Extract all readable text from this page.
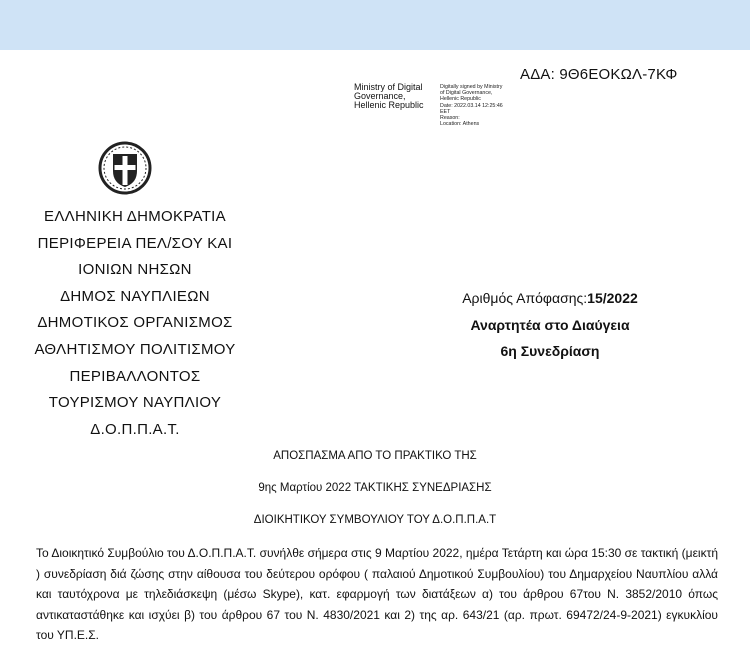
ΑΔΑ: 9Θ6ΕΟΚΩΛ-7ΚΦ
Ministry of Digital
Governance,
Hellenic Republic
Digitally signed by Ministry
of Digital Governance,
Hellenic Republic
Date: 2022.03.14 12:25:46
EET
Reason:
Location: Athens
ΕΛΛΗΝΙΚΗ ΔΗΜΟΚΡΑΤΙΑ
ΠΕΡΙΦΕΡΕΙΑ ΠΕΛ/ΣΟΥ ΚΑΙ
ΙΟΝΙΩΝ ΝΗΣΩΝ
ΔΗΜΟΣ ΝΑΥΠΛΙΕΩΝ
ΔΗΜΟΤΙΚΟΣ ΟΡΓΑΝΙΣΜΟΣ
ΑΘΛΗΤΙΣΜΟΥ ΠΟΛΙΤΙΣΜΟΥ
ΠΕΡΙΒΑΛΛΟΝΤΟΣ
ΤΟΥΡΙΣΜΟΥ ΝΑΥΠΛΙΟΥ
Δ.Ο.Π.Π.Α.Τ.
Αριθμός Απόφασης:15/2022
Αναρτητέα στο Διαύγεια
6η Συνεδρίαση
ΑΠΟΣΠΑΣΜΑ ΑΠΟ ΤΟ ΠΡΑΚΤΙΚΟ ΤΗΣ
9ης Μαρτίου 2022 ΤΑΚΤΙΚΗΣ ΣΥΝΕΔΡΙΑΣΗΣ
ΔΙΟΙΚΗΤΙΚΟΥ ΣΥΜΒΟΥΛΙΟΥ ΤΟΥ Δ.Ο.Π.Π.Α.Τ
Το Διοικητικό Συμβούλιο του Δ.Ο.Π.Π.Α.Τ. συνήλθε σήμερα στις 9 Μαρτίου 2022, ημέρα Τετάρτη και ώρα 15:30 σε τακτική (μεικτή ) συνεδρίαση διά ζώσης στην αίθουσα του δεύτερου ορόφου ( παλαιού Δημοτικού Συμβουλίου) του Δημαρχείου Ναυπλίου αλλά και ταυτόχρονα με τηλεδιάσκεψη (μέσω Skype), κατ. εφαρμογή των διατάξεων α) του άρθρου 67του Ν. 3852/2010 όπως αντικαταστάθηκε και ισχύει β) του άρθρου 67 του Ν. 4830/2021 και 2) της αρ. 643/21 (αρ. πρωτ. 69472/24-9-2021) εγκυκλίου του ΥΠ.Ε.Σ.
